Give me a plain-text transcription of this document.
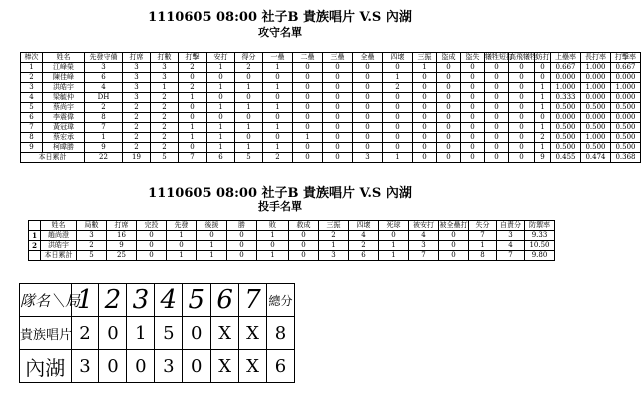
1110605 08:00 社子B 貴族唱片 V.S 內湖
攻守名單
棒次	姓名	先發守備	打席	打數	打擊	安打	得分	一壘	二壘	三壘	全壘	四壞	三振	盜成	盜失	犧牲短打	高飛犧牲	妨打	上壘率	長打率	打擊率
1	江峰榮	3	3	3	2	1	2	1	0	0	0	0	1	0	0	0	0	0	0.667	1.000	0.667
2	陳佳峰	6	3	3	0	0	0	0	0	0	0	1	0	0	0	0	0	0	0.000	0.000	0.000
3	洪皓宇	4	3	1	2	1	1	1	0	0	0	2	0	0	0	0	0	1	1.000	1.000	1.000
4	梁毓仲	DH	3	2	1	0	0	0	0	0	0	0	0	0	0	0	0	1	0.333	0.000	0.000
5	蔡尚宇	2	2	2	0	1	1	1	0	0	0	0	0	0	0	0	0	1	0.500	0.500	0.500
6	李震偉	8	2	2	0	0	0	0	0	0	0	0	0	0	0	0	0	0	0.000	0.000	0.000
7	黃冠瑋	7	2	2	1	1	1	1	0	0	0	0	0	0	0	0	0	1	0.500	0.500	0.500
8	蔡宏承	1	2	2	1	1	0	0	1	0	0	0	0	0	0	0	0	2	0.500	1.000	0.500
9	柯暐勝	9	2	2	0	1	1	1	0	0	0	0	0	0	0	0	0	1	0.500	0.500	0.500
本日累計		22	19	5	7	6	5	2	0	0	3	1	0	0	0	0	0	9	0.455	0.474	0.368
1110605 08:00 社子B 貴族唱片 V.S 內湖
投手名單
	姓名	局數	打席	完投	先發	後援	勝	敗	救成	三振	四壞	死球	被安打	被全壘打	失分	自責分	防禦率
1	趙尚澄	3	16	0	1	0	0	1	0	2	4	0	4	0	7	3	9.33
2	洪皓宇	2	9	0	0	1	0	0	0	1	2	1	3	0	1	4	10.50
	本日累計	5	25	0	1	1	0	1	0	3	6	1	7	0	8	7	9.80
隊名＼局	1	2	3	4	5	6	7	總分
貴族唱片	2	0	1	5	0	X	X	8
內湖	3	0	0	3	0	X	X	6
